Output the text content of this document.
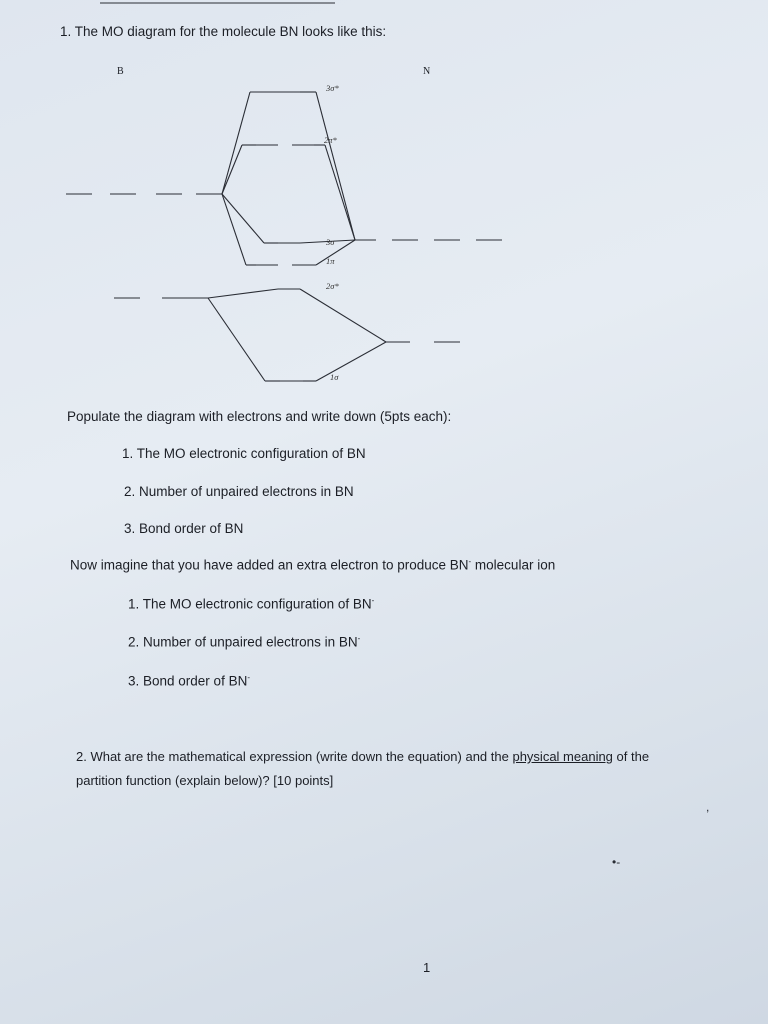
1. The MO diagram for the molecule BN looks like this:
B	N
3σ*
2π*
3σ
1π
2σ*
1σ
Populate the diagram with electrons and write down (5pts each):
1. The MO electronic configuration of BN
2. Number of unpaired electrons in BN
3. Bond order of BN
Now imagine that you have added an extra electron to produce BN- molecular ion
1. The MO electronic configuration of BN-
2. Number of unpaired electrons in BN-
3. Bond order of BN-
2. What are the mathematical expression (write down the equation) and the physical meaning of the
partition function (explain below)? [10 points]
,
•-
1
